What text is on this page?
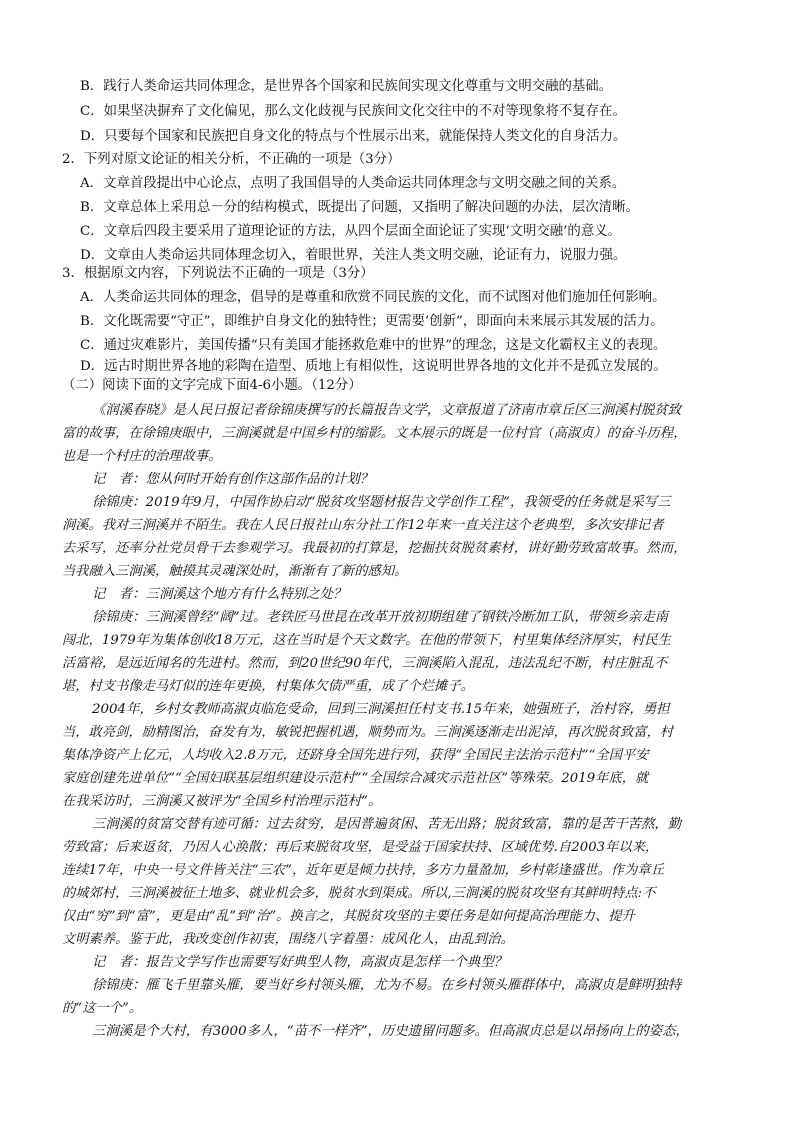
B．践行人类命运共同体理念，是世界各个国家和民族间实现文化尊重与文明交融的基础。
C．如果坚决摒弃了文化偏见，那么文化歧视与民族间文化交往中的不对等现象将不复存在。
D．只要每个国家和民族把自身文化的特点与个性展示出来，就能保持人类文化的自身活力。
2．下列对原文论证的相关分析，不正确的一项是（3分）
A．文章首段提出中心论点，点明了我国倡导的人类命运共同体理念与文明交融之间的关系。
B．文章总体上采用总－分的结构模式，既提出了问题，又指明了解决问题的办法，层次清晰。
C．文章后四段主要采用了道理论证的方法，从四个层面全面论证了实现‘文明交融’的意义。
D．文章由人类命运共同体理念切入，着眼世界，关注人类文明交融，论证有力，说服力强。
3．根据原文内容，下列说法不正确的一项是（3分）
A．人类命运共同体的理念，倡导的是尊重和欣赏不同民族的文化，而不试图对他们施加任何影响。
B．文化既需要“守正”，即维护自身文化的独特性；更需要‘创新”，即面向未来展示其发展的活力。
C．通过灾难影片，美国传播“只有美国才能拯救危难中的世界”的理念，这是文化霸权主义的表现。
D．远古时期世界各地的彩陶在造型、质地上有相似性，这说明世界各地的文化并不是孤立发展的。
（二）阅读下面的文字完成下面4-6小题。（12分）
《润溪春晓》是人民日报记者徐锦庚撰写的长篇报告文学，文章报道了济南市章丘区三涧溪村脱贫致
富的故事，在徐锦庚眼中，三涧溪就是中国乡村的缩影。文本展示的既是一位村官（高淑贞）的奋斗历程，
也是一个村庄的治理故事。
记　者：您从何时开始有创作这部作品的计划？
徐锦庚：2019年9月，中国作协启动“脱贫攻坚题材报告文学创作工程”，我领受的任务就是采写三
涧溪。我对三涧溪并不陌生。我在人民日报社山东分社工作12年来一直关注这个老典型，多次安排记者
去采写，还率分社党员骨干去参观学习。我最初的打算是，挖掘扶贫脱贫素材，讲好勤劳致富故事。然而，
当我融入三涧溪，触摸其灵魂深处时，渐渐有了新的感知。
记　者：三涧溪这个地方有什么特别之处？
徐锦庚：三涧溪曾经“阔”过。老铁匠马世昆在改革开放初期组建了钢铁冷断加工队，带领乡亲走南
闯北，1979年为集体创收18万元，这在当时是个天文数字。在他的带领下，村里集体经济厚实，村民生
活富裕，是远近闻名的先进村。然而，到20世纪90年代，三涧溪陷入混乱，违法乱纪不断，村庄脏乱不
堪，村支书像走马灯似的连年更换，村集体欠债严重，成了个烂摊子。
2004年，乡村女教师高淑贞临危受命，回到三涧溪担任村支书.15年来，她强班子，治村容，勇担
当，敢亮剑，励精图治，奋发有为，敏锐把握机遇，顺势而为。三涧溪逐渐走出泥淖，再次脱贫致富，村
集体净资产上亿元，人均收入2.8万元，还跻身全国先进行列，获得“全国民主法治示范村”“全国平安
家庭创建先进单位”“全国妇联基层组织建设示范村”“全国综合减灾示范社区”等殊荣。2019年底，就
在我采访时，三涧溪又被评为“全国乡村治理示范村”。
三涧溪的贫富交替有迹可循：过去贫穷，是因普遍贫困、苦无出路；脱贫致富，靠的是苦干苦熬，勤
劳致富；后来返贫，乃因人心涣散；再后来脱贫攻坚，是受益于国家扶持、区域优势.自2003年以来，
连续17年，中央一号文件皆关注“三农”，近年更是倾力扶持，多方力量盈加，乡村彰逢盛世。作为章丘
的城郊村，三涧溪被征土地多、就业机会多，脱贫水到渠成。所以,三涧溪的脱贫攻坚有其鲜明特点:不
仅由“穷”到“富”，更是由“乱”到“治”。换言之，其脱贫攻坚的主要任务是如何提高治理能力、提升
文明素养。鉴于此，我改变创作初衷，围绕八字着墨：成风化人，由乱到治。
记　者：报告文学写作也需要写好典型人物，高淑贞是怎样一个典型？
徐锦庚：雁飞千里靠头雁，要当好乡村领头雁，尤为不易。在乡村领头雁群体中，高淑贞是鲜明独特
的“这一个”。
三涧溪是个大村，有3000多人，“苗不一样齐”，历史遗留问题多。但高淑贞总是以昂扬向上的姿态，
